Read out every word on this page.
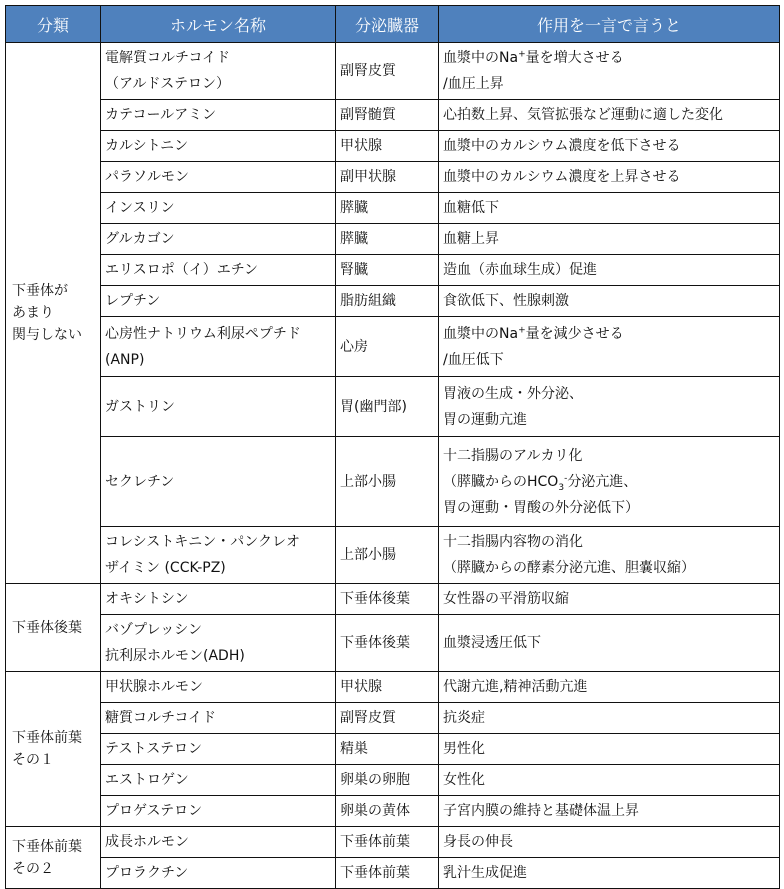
分類	ホルモン名称	分泌臓器	作用を一言で言うと

下垂体が
あまり
関与しない	電解質コルチコイド
（アルドステロン）	副腎皮質	血漿中のNa+量を増大させる
/血圧上昇

	カテコールアミン	副腎髄質	心拍数上昇、気管拡張など運動に適した変化

	カルシトニン	甲状腺	血漿中のカルシウム濃度を低下させる

	パラソルモン	副甲状腺	血漿中のカルシウム濃度を上昇させる

	インスリン	膵臓	血糖低下

	グルカゴン	膵臓	血糖上昇

	エリスロポ（イ）エチン	腎臓	造血（赤血球生成）促進

	レプチン	脂肪組織	食欲低下、性腺刺激

	心房性ナトリウム利尿ペプチド
(ANP)	心房	血漿中のNa+量を減少させる
/血圧低下

	ガストリン	胃(幽門部)	胃液の生成・外分泌、
胃の運動亢進

	セクレチン	上部小腸	十二指腸のアルカリ化
（膵臓からの$HCO_3^-$分泌亢進、
胃の運動・胃酸の外分泌低下）

	コレシストキニン・パンクレオ
ザイミン (CCK-PZ)	上部小腸	十二指腸内容物の消化
（膵臓からの酵素分泌亢進、胆嚢収縮）

下垂体後葉	オキシトシン	下垂体後葉	女性器の平滑筋収縮

	バゾプレッシン
抗利尿ホルモン(ADH)	下垂体後葉	血漿浸透圧低下

下垂体前葉
その１	甲状腺ホルモン	甲状腺	代謝亢進,精神活動亢進

	糖質コルチコイド	副腎皮質	抗炎症

	テストステロン	精巣	男性化

	エストロゲン	卵巣の卵胞	女性化

	プロゲステロン	卵巣の黄体	子宮内膜の維持と基礎体温上昇

下垂体前葉
その２	成長ホルモン	下垂体前葉	身長の伸長

	プロラクチン	下垂体前葉	乳汁生成促進
